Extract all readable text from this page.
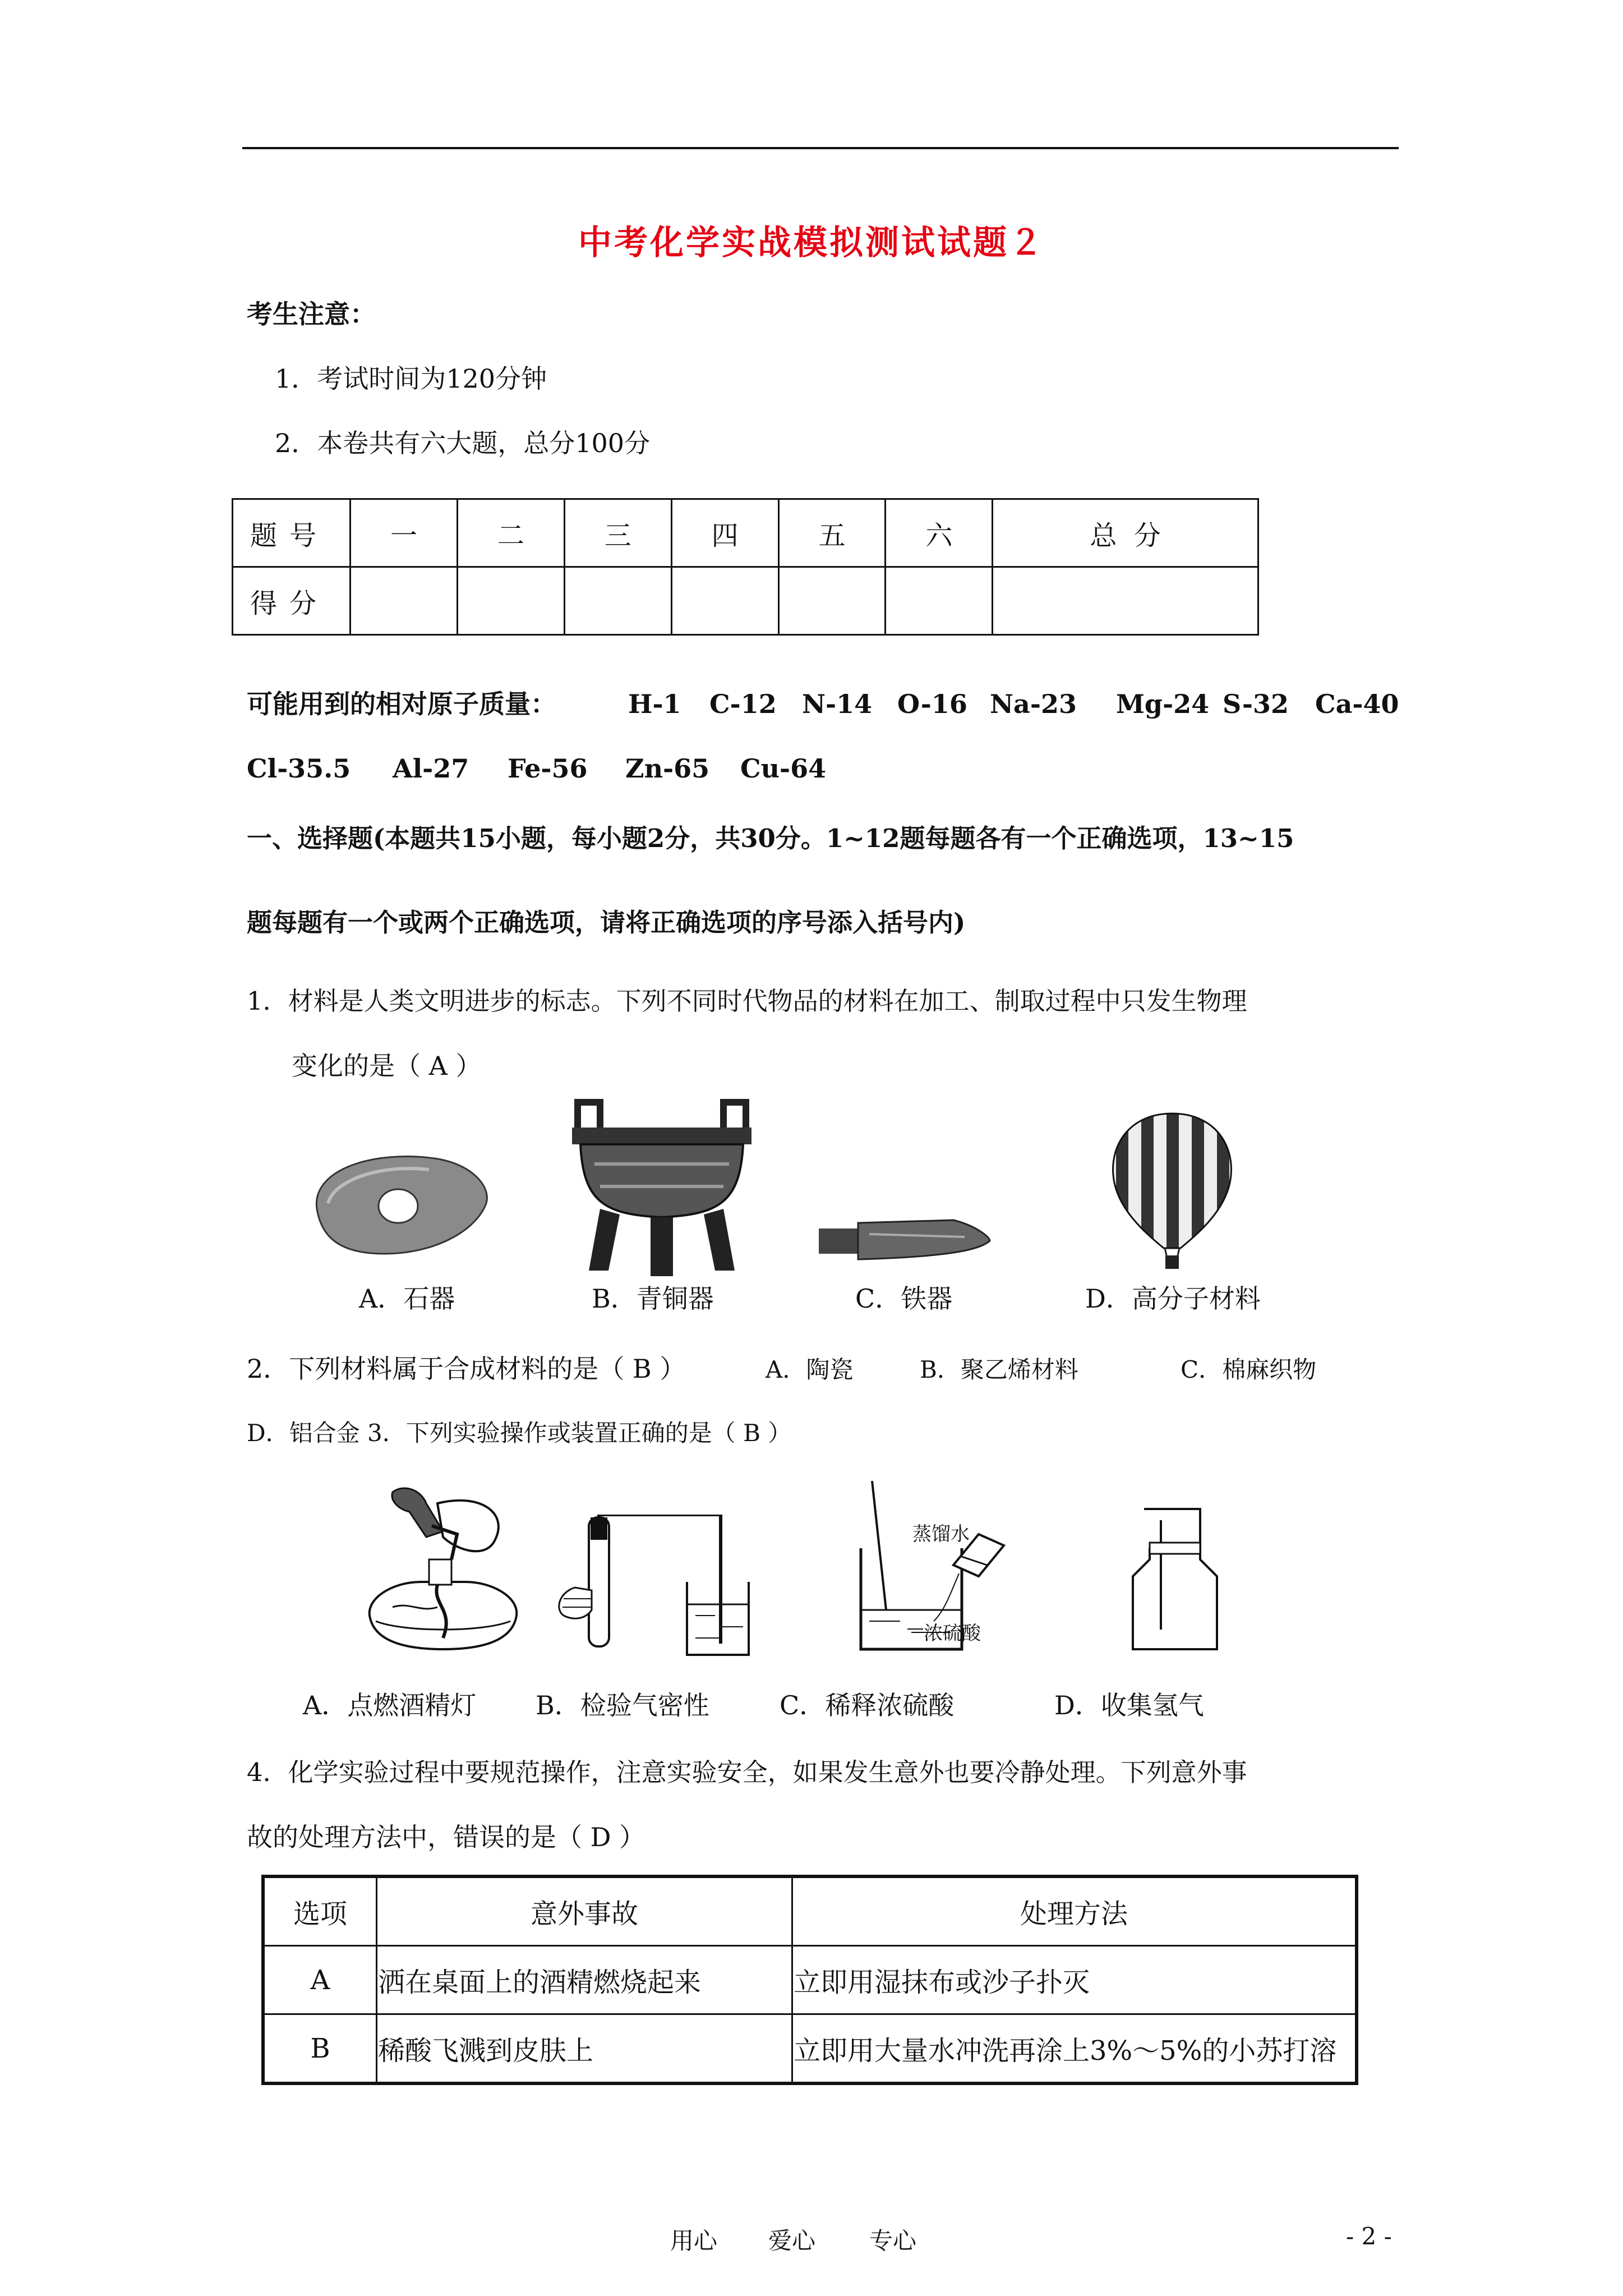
中考化学实战模拟测试试题２
考生注意：
1．考试时间为120分钟
2．本卷共有六大题，总分100分
题号	一	二	三	四	五	六	总  分
得分							
可能用到的相对原子质量：	H-1 C-12 N-14 O-16 Na-23 Mg-24 S-32 Ca-40
Cl-35.5 Al-27 Fe-56 Zn-65 Cu-64
一、选择题(本题共15小题，每小题2分，共30分。1~12题每题各有一个正确选项，13~15
题每题有一个或两个正确选项，请将正确选项的序号添入括号内)
1．材料是人类文明进步的标志。下列不同时代物品的材料在加工、制取过程中只发生物理
变化的是（ A ）
A．石器	B．青铜器	C．铁器	D．高分子材料
2．下列材料属于合成材料的是（ B ）	A．陶瓷	B．聚乙烯材料	C．棉麻织物
D．铝合金 3．下列实验操作或装置正确的是（ B ）
蒸馏水
浓硫酸
A．点燃酒精灯 B．检验气密性	C．稀释浓硫酸	D．收集氢气
4．化学实验过程中要规范操作，注意实验安全，如果发生意外也要冷静处理。下列意外事
故的处理方法中，错误的是（ D ）
选项	意外事故	处理方法
A	洒在桌面上的酒精燃烧起来	立即用湿抹布或沙子扑灭
B	稀酸飞溅到皮肤上	立即用大量水冲洗再涂上3%～5%的小苏打溶
用心 爱心 专心	- 2 -
